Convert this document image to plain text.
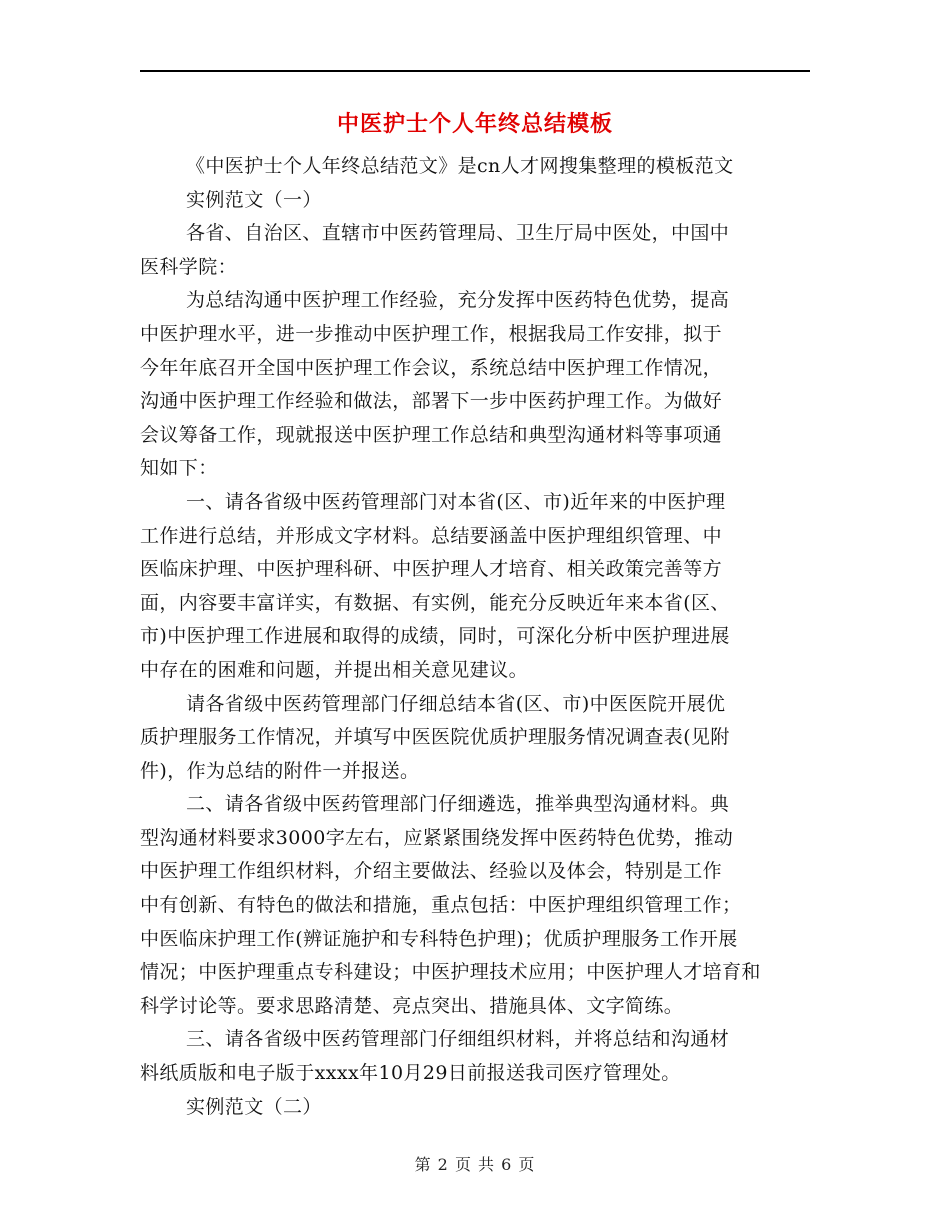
中医护士个人年终总结模板
《中医护士个人年终总结范文》是cn人才网搜集整理的模板范文
实例范文（一）
各省、自治区、直辖市中医药管理局、卫生厅局中医处，中国中
医科学院：
为总结沟通中医护理工作经验，充分发挥中医药特色优势，提高
中医护理水平，进一步推动中医护理工作，根据我局工作安排，拟于
今年年底召开全国中医护理工作会议，系统总结中医护理工作情况，
沟通中医护理工作经验和做法，部署下一步中医药护理工作。为做好
会议筹备工作，现就报送中医护理工作总结和典型沟通材料等事项通
知如下：
一、请各省级中医药管理部门对本省(区、市)近年来的中医护理
工作进行总结，并形成文字材料。总结要涵盖中医护理组织管理、中
医临床护理、中医护理科研、中医护理人才培育、相关政策完善等方
面，内容要丰富详实，有数据、有实例，能充分反映近年来本省(区、
市)中医护理工作进展和取得的成绩，同时，可深化分析中医护理进展
中存在的困难和问题，并提出相关意见建议。
请各省级中医药管理部门仔细总结本省(区、市)中医医院开展优
质护理服务工作情况，并填写中医医院优质护理服务情况调查表(见附
件)，作为总结的附件一并报送。
二、请各省级中医药管理部门仔细遴选，推举典型沟通材料。典
型沟通材料要求3000字左右，应紧紧围绕发挥中医药特色优势，推动
中医护理工作组织材料，介绍主要做法、经验以及体会，特别是工作
中有创新、有特色的做法和措施，重点包括：中医护理组织管理工作；
中医临床护理工作(辨证施护和专科特色护理)；优质护理服务工作开展
情况；中医护理重点专科建设；中医护理技术应用；中医护理人才培育和
科学讨论等。要求思路清楚、亮点突出、措施具体、文字简练。
三、请各省级中医药管理部门仔细组织材料，并将总结和沟通材
料纸质版和电子版于xxxx年10月29日前报送我司医疗管理处。
实例范文（二）
第 2 页 共 6 页
